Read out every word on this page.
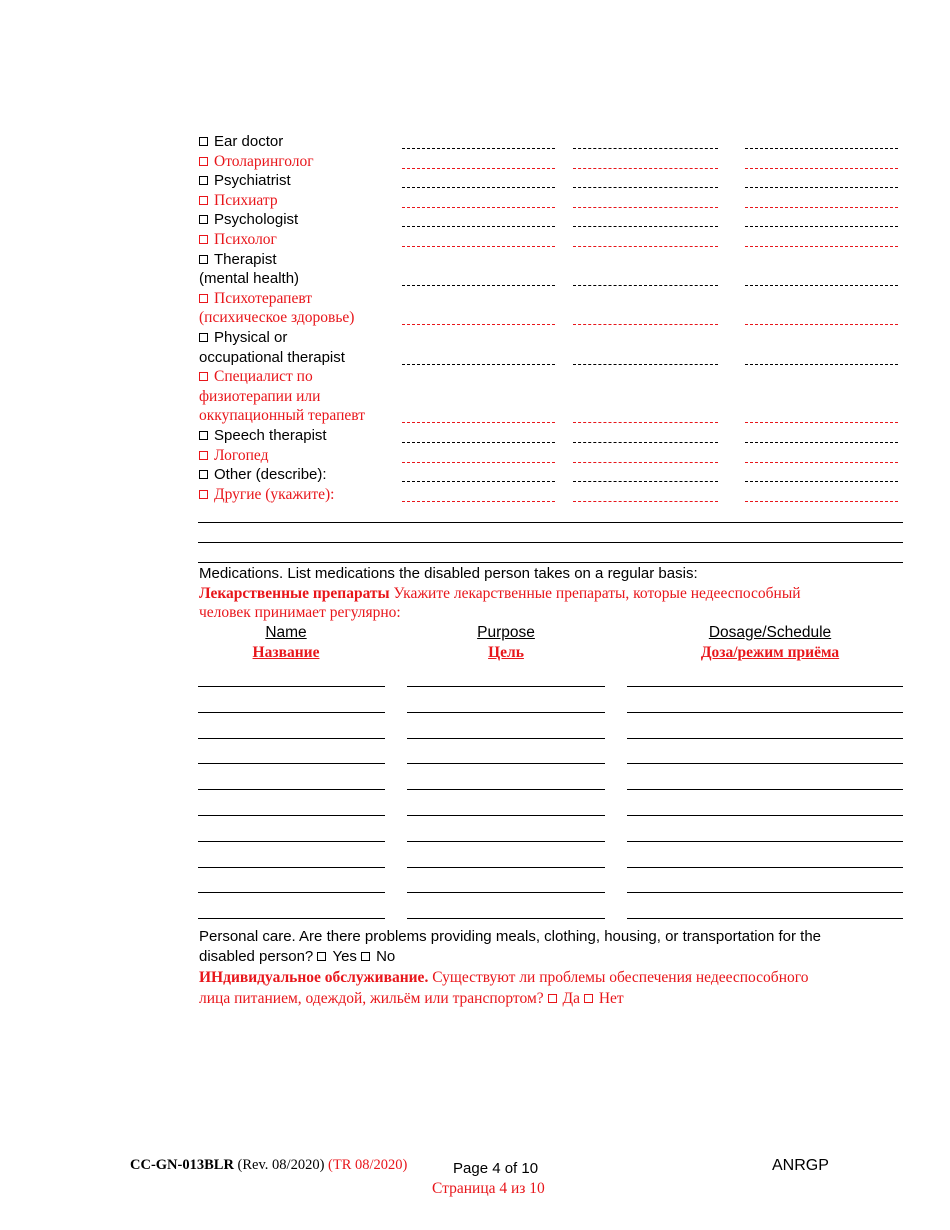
Ear doctor
Отоларинголог
Psychiatrist
Психиатр
Psychologist
Психолог
Therapist
(mental health)
Психотерапевт
(психическое здоровье)
Physical or
occupational therapist
Специалист по
физиотерапии или
оккупационный терапевт
Speech therapist
Логопед
Other (describe):
Другие (укажите):
Medications. List medications the disabled person takes on a regular basis:
Лекарственные препараты Укажите лекарственные препараты, которые недееспособный
человек принимает регулярно:
Name
Название
Purpose
Цель
Dosage/Schedule
Доза/режим приёма
Personal care. Are there problems providing meals, clothing, housing, or transportation for the
disabled person? Yes No
ИНдивидуальное обслуживание. Существуют ли проблемы обеспечения недееспособного
лица питанием, одеждой, жильём или транспортом? Да Нет
CC-GN-013BLR (Rev. 08/2020) (TR 08/2020)	Page 4 of 10
Страница 4 из 10
ANRGP
